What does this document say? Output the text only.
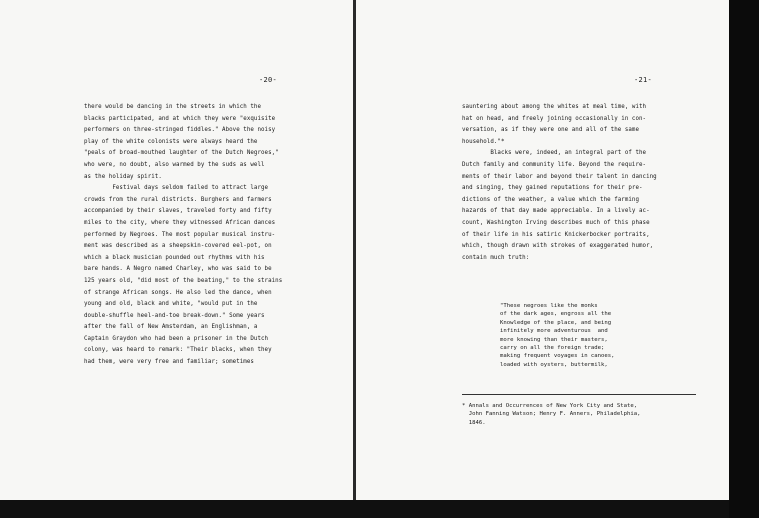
-20-
there would be dancing in the streets in which the
blacks participated, and at which they were "exquisite
performers on three-stringed fiddles." Above the noisy
play of the white colonists were always heard the
"peals of broad-mouthed laughter of the Dutch Negroes,"
who were, no doubt, also warmed by the suds as well
as the holiday spirit.
Festival days seldom failed to attract large
crowds from the rural districts. Burghers and farmers
accompanied by their slaves, traveled forty and fifty
miles to the city, where they witnessed African dances
performed by Negroes. The most popular musical instru-
ment was described as a sheepskin-covered eel-pot, on
which a black musician pounded out rhythms with his
bare hands. A Negro named Charley, who was said to be
125 years old, "did most of the beating," to the strains
of strange African songs. He also led the dance, when
young and old, black and white, "would put in the
double-shuffle heel-and-toe break-down." Some years
after the fall of New Amsterdam, an Englishman, a
Captain Graydon who had been a prisoner in the Dutch
colony, was heard to remark: "Their blacks, when they
had them, were very free and familiar; sometimes
-21-
sauntering about among the whites at meal time, with
hat on head, and freely joining occasionally in con-
versation, as if they were one and all of the same
household."*
Blacks were, indeed, an integral part of the
Dutch family and community life. Beyond the require-
ments of their labor and beyond their talent in dancing
and singing, they gained reputations for their pre-
dictions of the weather, a value which the farming
hazards of that day made appreciable. In a lively ac-
count, Washington Irving describes much of this phase
of their life in his satiric Knickerbocker portraits,
which, though drawn with strokes of exaggerated humor,
contain much truth:
"These negroes like the monks
of the dark ages, engross all the
Knowledge of the place, and being
infinitely more adventurous  and
more knowing than their masters,
carry on all the foreign trade;
making frequent voyages in canoes,
loaded with oysters, buttermilk,
* Annals and Occurrences of New York City and State,
John Fanning Watson; Henry F. Anners, Philadelphia,
1846.
